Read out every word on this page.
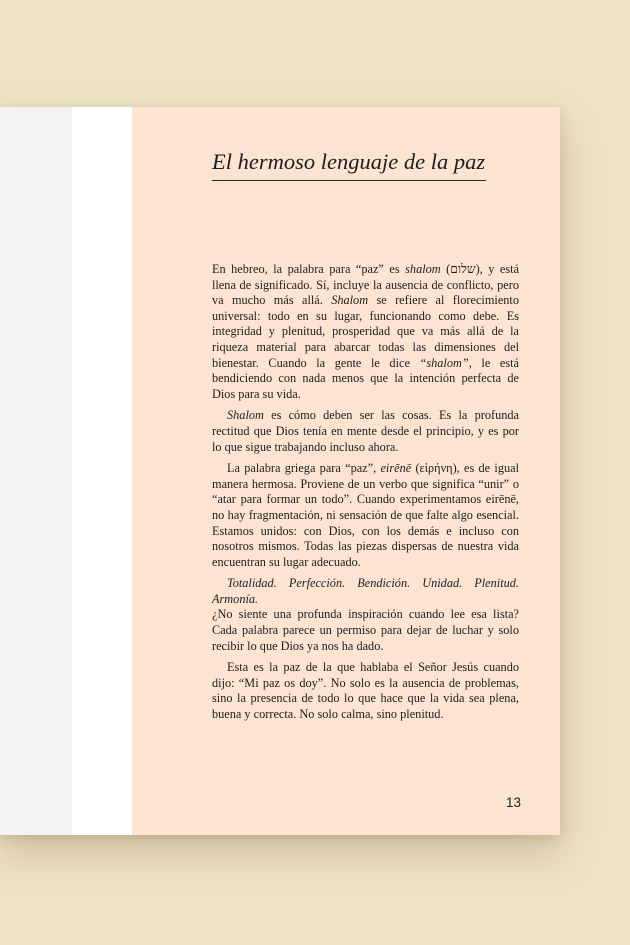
El hermoso lenguaje de la paz

En hebreo, la palabra para “paz” es shalom (שלום), y está llena de significado. Sí, incluye la ausencia de conflicto, pero va mucho más allá. Shalom se refiere al florecimiento universal: todo en su lugar, funcionando como debe. Es integridad y plenitud, prosperidad que va más allá de la riqueza material para abarcar todas las dimensiones del bienestar. Cuando la gente le dice “shalom”, le está bendiciendo con nada menos que la intención perfecta de Dios para su vida.

Shalom es cómo deben ser las cosas. Es la profunda rectitud que Dios tenía en mente desde el principio, y es por lo que sigue trabajando incluso ahora.

La palabra griega para “paz”, eirēnē (εἰρήνη), es de igual manera hermosa. Proviene de un verbo que significa “unir” o “atar para formar un todo”. Cuando experimentamos eirēnē, no hay fragmentación, ni sensación de que falte algo esencial. Estamos unidos: con Dios, con los demás e incluso con nosotros mismos. Todas las piezas dispersas de nuestra vida encuentran su lugar adecuado.

Totalidad. Perfección. Bendición. Unidad. Plenitud. Armonía.

¿No siente una profunda inspiración cuando lee esa lista? Cada palabra parece un permiso para dejar de luchar y solo recibir lo que Dios ya nos ha dado.

Esta es la paz de la que hablaba el Señor Jesús cuando dijo: “Mi paz os doy”. No solo es la ausencia de problemas, sino la presencia de todo lo que hace que la vida sea plena, buena y correcta. No solo calma, sino plenitud.

13
